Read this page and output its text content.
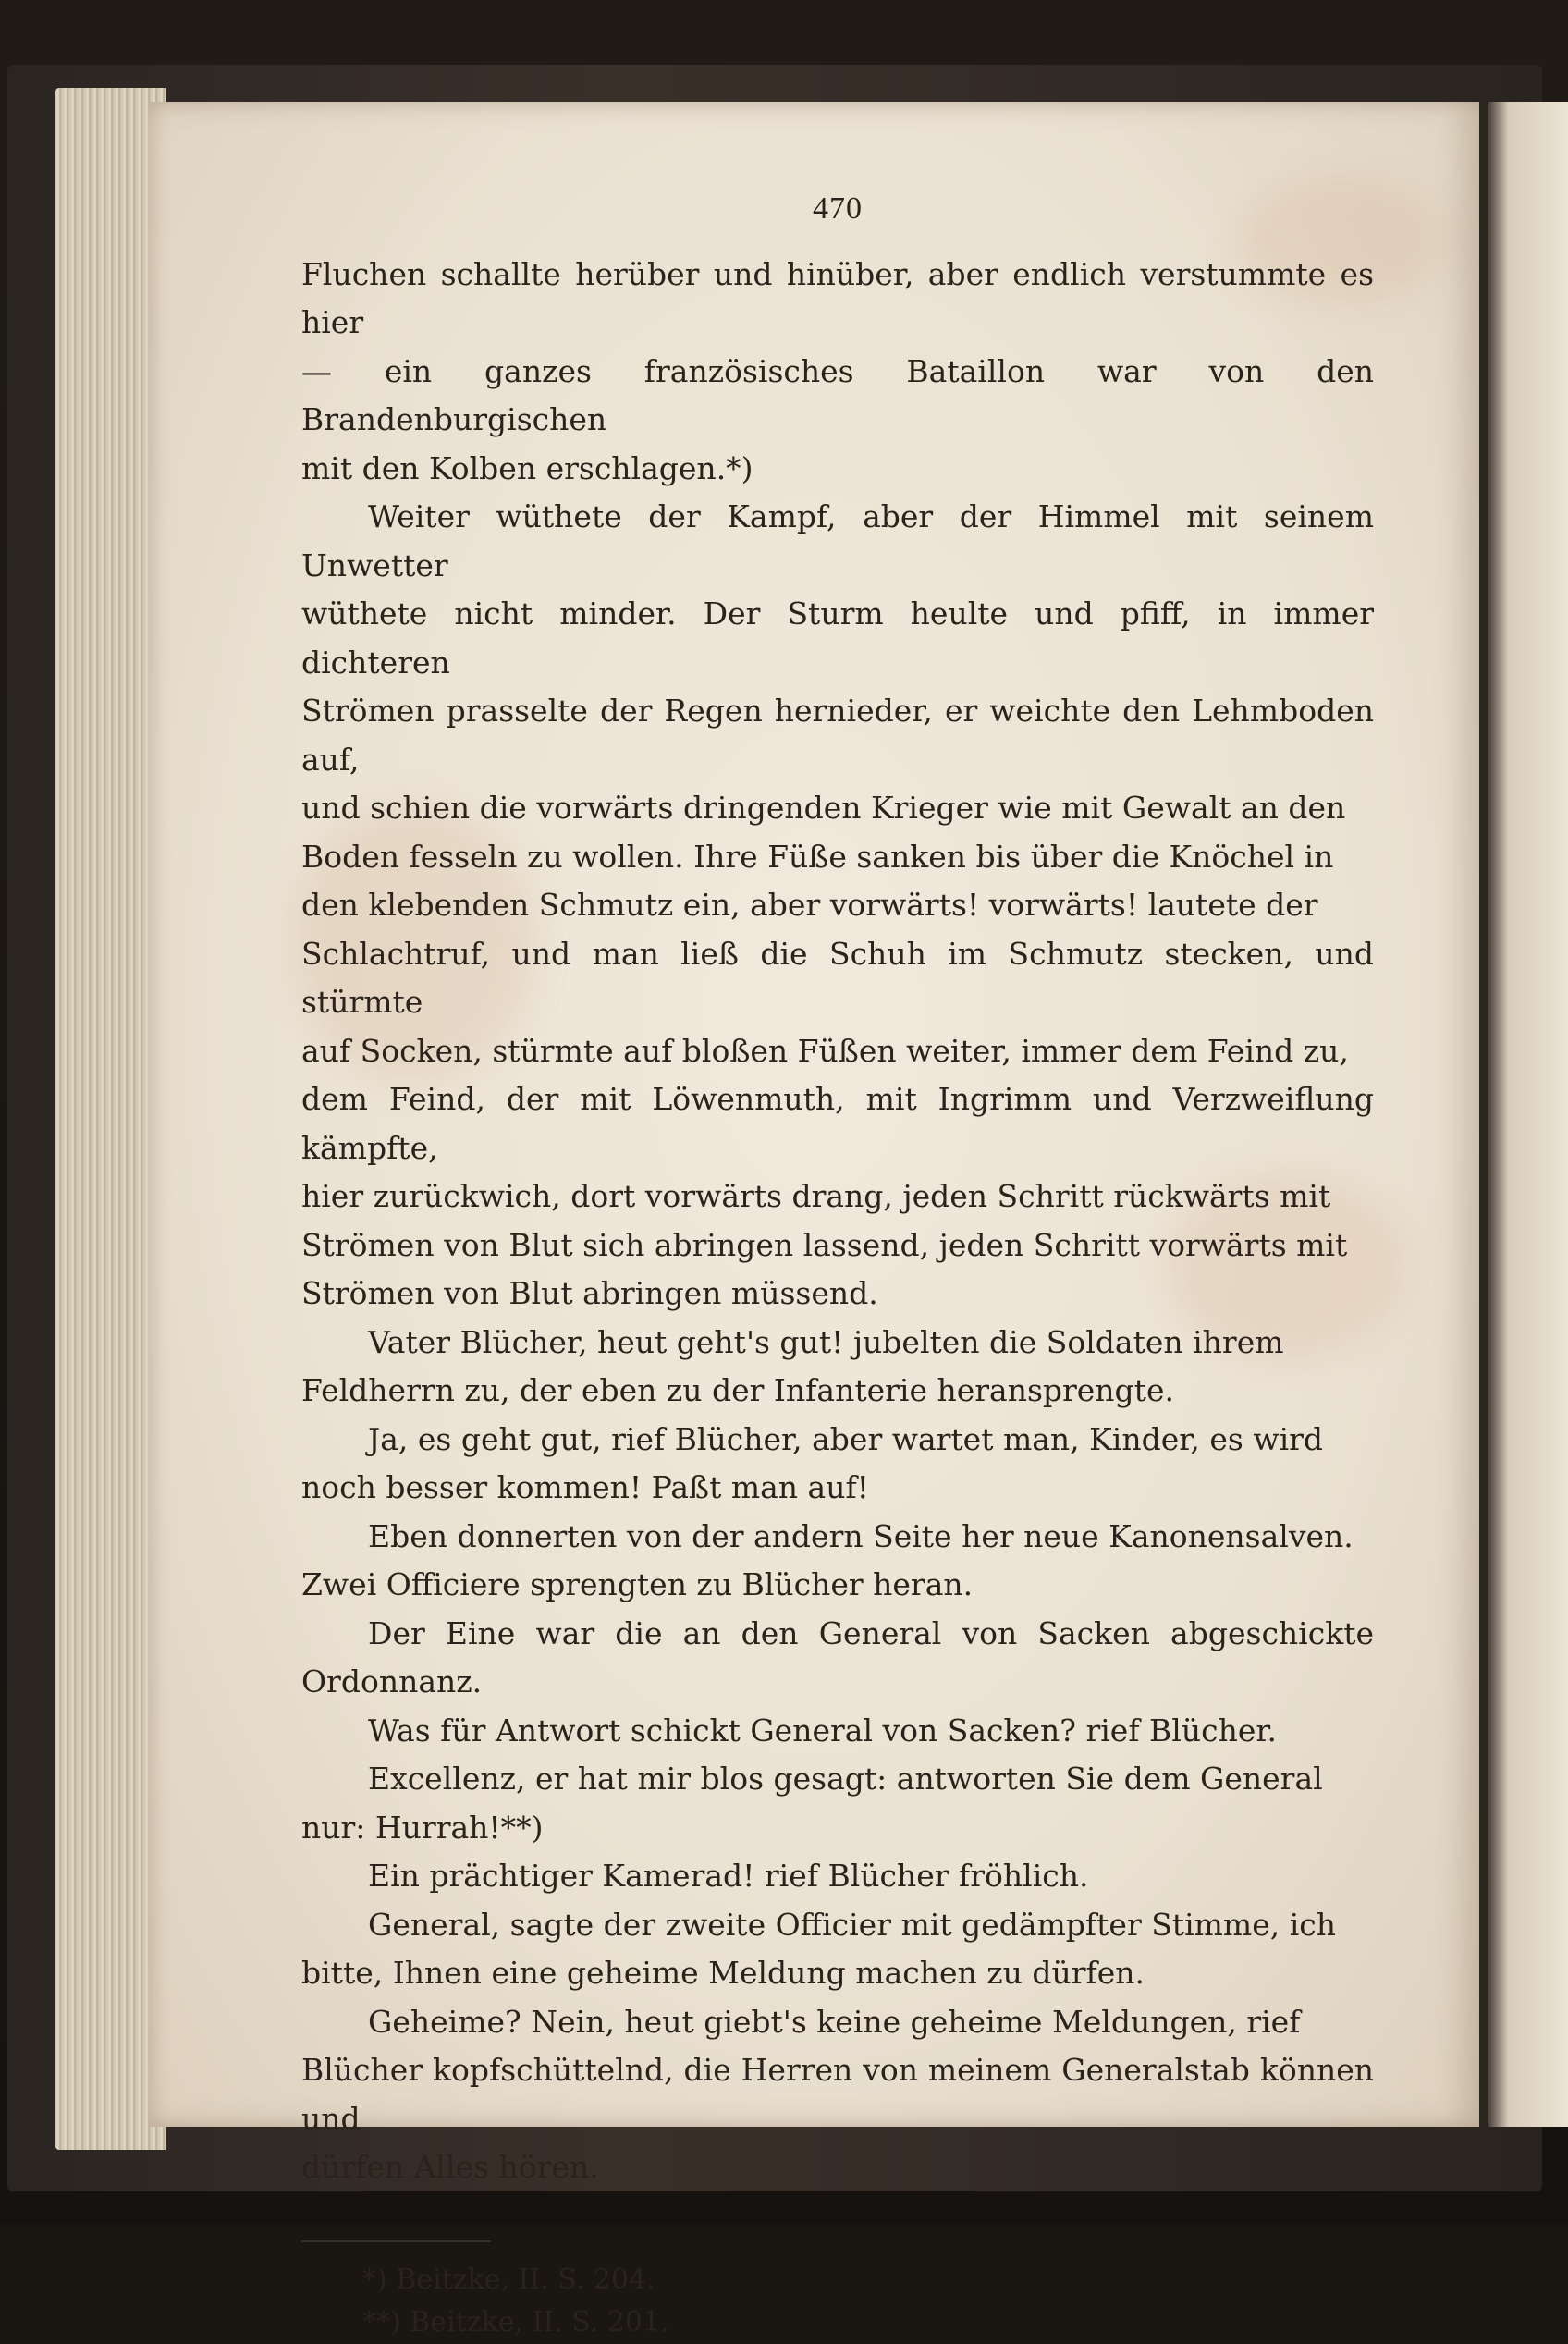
470
Fluchen schallte herüber und hinüber, aber endlich verstummte es hier
— ein ganzes französisches Bataillon war von den Brandenburgischen
mit den Kolben erschlagen.*)
Weiter wüthete der Kampf, aber der Himmel mit seinem Unwetter
wüthete nicht minder. Der Sturm heulte und pfiff, in immer dichteren
Strömen prasselte der Regen hernieder, er weichte den Lehmboden auf,
und schien die vorwärts dringenden Krieger wie mit Gewalt an den
Boden fesseln zu wollen. Ihre Füße sanken bis über die Knöchel in
den klebenden Schmutz ein, aber vorwärts! vorwärts! lautete der
Schlachtruf, und man ließ die Schuh im Schmutz stecken, und stürmte
auf Socken, stürmte auf bloßen Füßen weiter, immer dem Feind zu,
dem Feind, der mit Löwenmuth, mit Ingrimm und Verzweiflung kämpfte,
hier zurückwich, dort vorwärts drang, jeden Schritt rückwärts mit
Strömen von Blut sich abringen lassend, jeden Schritt vorwärts mit
Strömen von Blut abringen müssend.
Vater Blücher, heut geht's gut! jubelten die Soldaten ihrem
Feldherrn zu, der eben zu der Infanterie heransprengte.
Ja, es geht gut, rief Blücher, aber wartet man, Kinder, es wird
noch besser kommen! Paßt man auf!
Eben donnerten von der andern Seite her neue Kanonensalven.
Zwei Officiere sprengten zu Blücher heran.
Der Eine war die an den General von Sacken abgeschickte Ordonnanz.
Was für Antwort schickt General von Sacken? rief Blücher.
Excellenz, er hat mir blos gesagt: antworten Sie dem General
nur: Hurrah!**)
Ein prächtiger Kamerad! rief Blücher fröhlich.
General, sagte der zweite Officier mit gedämpfter Stimme, ich
bitte, Ihnen eine geheime Meldung machen zu dürfen.
Geheime? Nein, heut giebt's keine geheime Meldungen, rief
Blücher kopfschüttelnd, die Herren von meinem Generalstab können und
dürfen Alles hören.
*) Beitzke, II. S. 204.
**) Beitzke, II. S. 201.
